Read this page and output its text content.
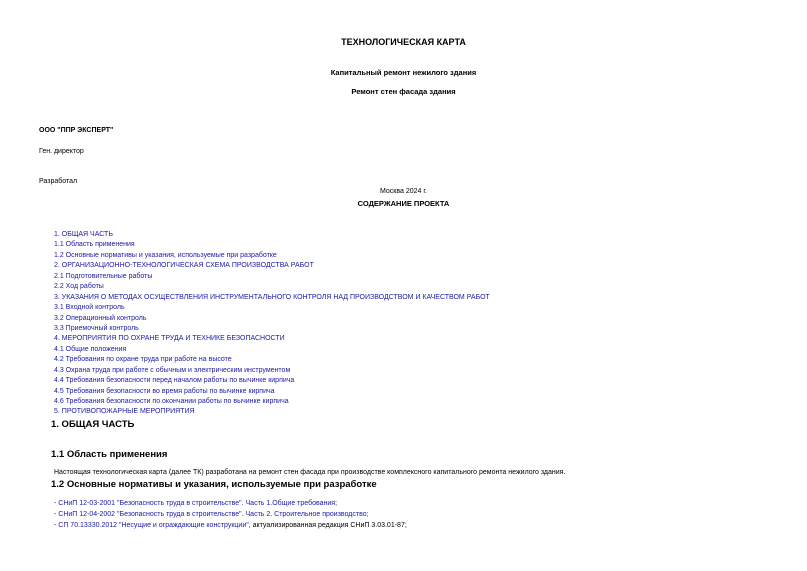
ТЕХНОЛОГИЧЕСКАЯ КАРТА
Капитальный ремонт нежилого здания
Ремонт стен фасада здания
ООО "ППР ЭКСПЕРТ"
Ген. директор
Разработал
Москва 2024 г.
СОДЕРЖАНИЕ ПРОЕКТА
1. ОБЩАЯ ЧАСТЬ
1.1 Область применения
1.2 Основные нормативы и указания, используемые при разработке
2. ОРГАНИЗАЦИОННО-ТЕХНОЛОГИЧЕСКАЯ СХЕМА ПРОИЗВОДСТВА РАБОТ
2.1 Подготовительные работы
2.2 Ход работы
3. УКАЗАНИЯ О МЕТОДАХ ОСУЩЕСТВЛЕНИЯ ИНСТРУМЕНТАЛЬНОГО КОНТРОЛЯ НАД ПРОИЗВОДСТВОМ И КАЧЕСТВОМ РАБОТ
3.1 Входной контроль
3.2 Операционный контроль
3.3 Приемочный контроль
4. МЕРОПРИЯТИЯ ПО ОХРАНЕ ТРУДА И ТЕХНИКЕ БЕЗОПАСНОСТИ
4.1 Общие положения
4.2 Требования по охране труда при работе на высоте
4.3 Охрана труда при работе с обычным и электрическим инструментом
4.4 Требования безопасности перед началом работы по вычинке кирпича
4.5 Требования безопасности во время работы по вычинке кирпича
4.6 Требования безопасности по окончании работы по вычинке кирпича
5. ПРОТИВОПОЖАРНЫЕ МЕРОПРИЯТИЯ
1. ОБЩАЯ ЧАСТЬ
1.1 Область применения
Настоящая технологическая карта (далее ТК) разработана на ремонт стен фасада при производстве комплексного капитального ремонта нежилого здания.
1.2 Основные нормативы и указания, используемые при разработке
- СНиП 12-03-2001 "Безопасность труда в строительстве". Часть 1.Общие требования;
- СНиП 12-04-2002 "Безопасность труда в строительстве". Часть 2. Строительное производство;
- СП 70.13330.2012 "Несущие и ограждающие конструкции", актуализированная редакция СНиП 3.03.01-87;
